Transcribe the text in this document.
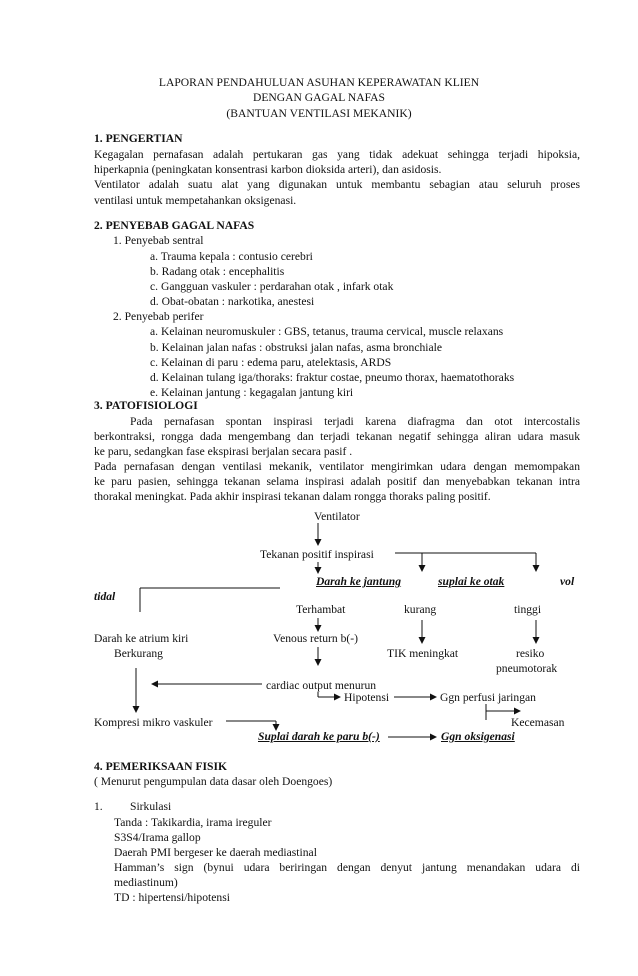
LAPORAN PENDAHULUAN ASUHAN KEPERAWATAN KLIEN
DENGAN GAGAL NAFAS
(BANTUAN VENTILASI MEKANIK)
1. PENGERTIAN
Kegagalan pernafasan adalah pertukaran gas yang tidak adekuat sehingga terjadi hipoksia,
hiperkapnia (peningkatan konsentrasi karbon dioksida arteri), dan asidosis.
Ventilator adalah suatu alat yang digunakan untuk membantu sebagian atau seluruh proses
ventilasi untuk mempetahankan oksigenasi.
2. PENYEBAB GAGAL NAFAS
1. Penyebab sentral
a. Trauma kepala : contusio cerebri
b. Radang otak : encephalitis
c. Gangguan vaskuler : perdarahan otak , infark otak
d. Obat-obatan : narkotika, anestesi
2. Penyebab perifer
a. Kelainan neuromuskuler : GBS, tetanus, trauma cervical, muscle relaxans
b. Kelainan jalan nafas : obstruksi jalan nafas, asma bronchiale
c. Kelainan di paru : edema paru, atelektasis, ARDS
d. Kelainan tulang iga/thoraks: fraktur costae, pneumo thorax, haematothoraks
e. Kelainan jantung : kegagalan jantung kiri
3. PATOFISIOLOGI
Pada pernafasan spontan inspirasi terjadi karena diafragma dan otot intercostalis
berkontraksi, rongga dada mengembang dan terjadi tekanan negatif sehingga aliran udara masuk
ke paru, sedangkan fase ekspirasi berjalan secara pasif .
Pada pernafasan dengan ventilasi mekanik, ventilator mengirimkan udara dengan memompakan
ke paru pasien, sehingga tekanan selama inspirasi adalah positif dan menyebabkan tekanan intra
thorakal meningkat. Pada akhir inspirasi tekanan dalam rongga thoraks paling positif.
Ventilator
Tekanan positif inspirasi
Darah ke jantung	suplai ke otak	vol
tidal
Terhambat	kurang	tinggi
Darah ke atrium kiri	Venous return b(-)
Berkurang	TIK meningkat	resiko
pneumotorak
cardiac output menurun
Hipotensi	Ggn perfusi jaringan
Kompresi mikro vaskuler	Kecemasan
Suplai darah ke paru b(-)	Ggn oksigenasi
4. PEMERIKSAAN FISIK
( Menurut pengumpulan data dasar oleh Doengoes)
1. Sirkulasi
Tanda : Takikardia, irama ireguler
S3S4/Irama gallop
Daerah PMI bergeser ke daerah mediastinal
Hamman’s sign (bynui udara beriringan dengan denyut jantung menandakan udara di
mediastinum)
TD : hipertensi/hipotensi
